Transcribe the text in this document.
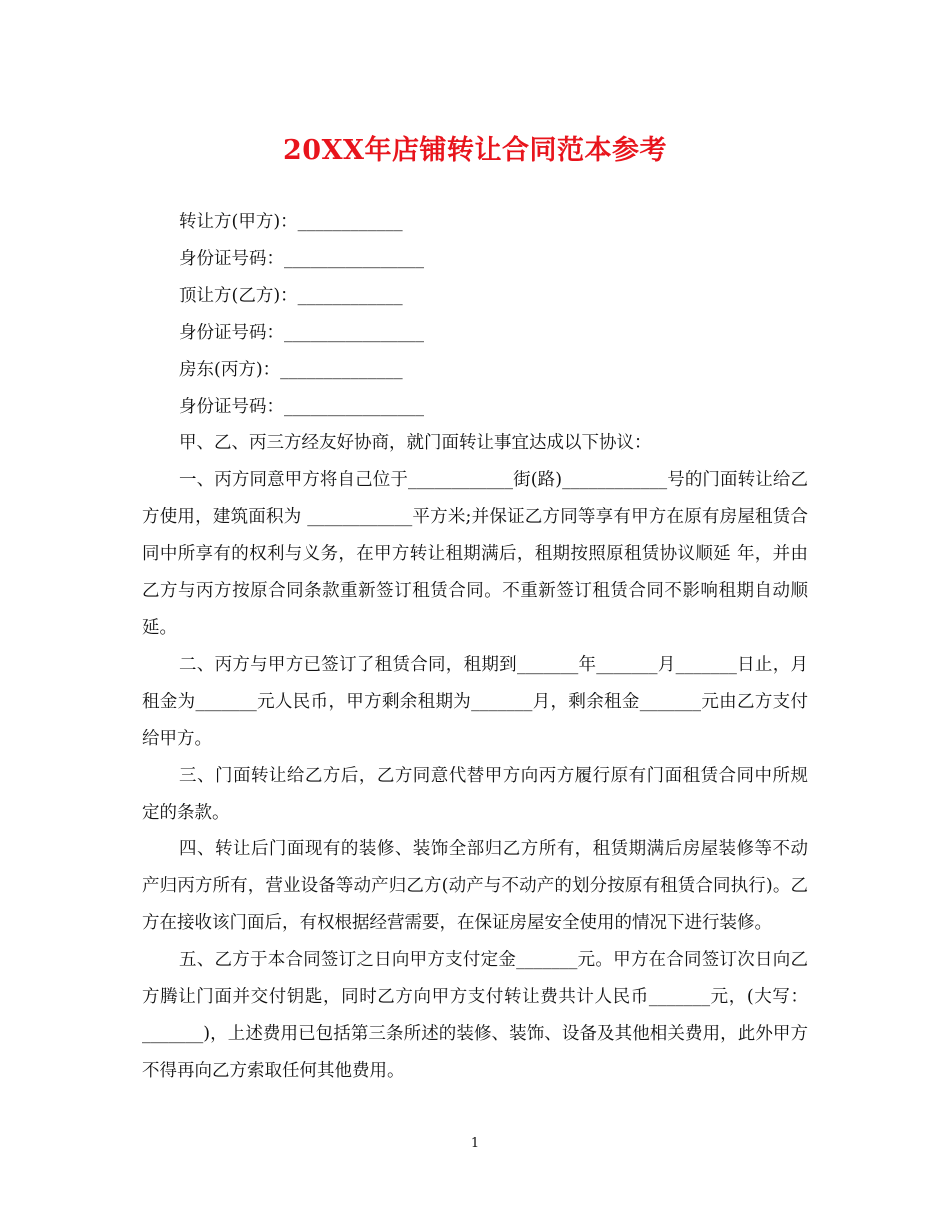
20XX年店铺转让合同范本参考
转让方(甲方)：____________
身份证号码：________________
顶让方(乙方)：____________
身份证号码：________________
房东(丙方)：______________
身份证号码：________________

甲、乙、丙三方经友好协商，就门面转让事宜达成以下协议：

一、丙方同意甲方将自己位于____________街(路)____________号的门面转让给乙方使用，建筑面积为 ____________平方米;并保证乙方同等享有甲方在原有房屋租赁合同中所享有的权利与义务，在甲方转让租期满后，租期按照原租赁协议顺延 年，并由乙方与丙方按原合同条款重新签订租赁合同。不重新签订租赁合同不影响租期自动顺延。

二、丙方与甲方已签订了租赁合同，租期到_______年_______月_______日止，月租金为_______元人民币，甲方剩余租期为_______月，剩余租金_______元由乙方支付给甲方。

三、门面转让给乙方后，乙方同意代替甲方向丙方履行原有门面租赁合同中所规定的条款。

四、转让后门面现有的装修、装饰全部归乙方所有，租赁期满后房屋装修等不动产归丙方所有，营业设备等动产归乙方(动产与不动产的划分按原有租赁合同执行)。乙方在接收该门面后，有权根据经营需要，在保证房屋安全使用的情况下进行装修。

五、乙方于本合同签订之日向甲方支付定金_______元。甲方在合同签订次日向乙方腾让门面并交付钥匙，同时乙方向甲方支付转让费共计人民币_______元，(大写：_______)，上述费用已包括第三条所述的装修、装饰、设备及其他相关费用，此外甲方不得再向乙方索取任何其他费用。

1
